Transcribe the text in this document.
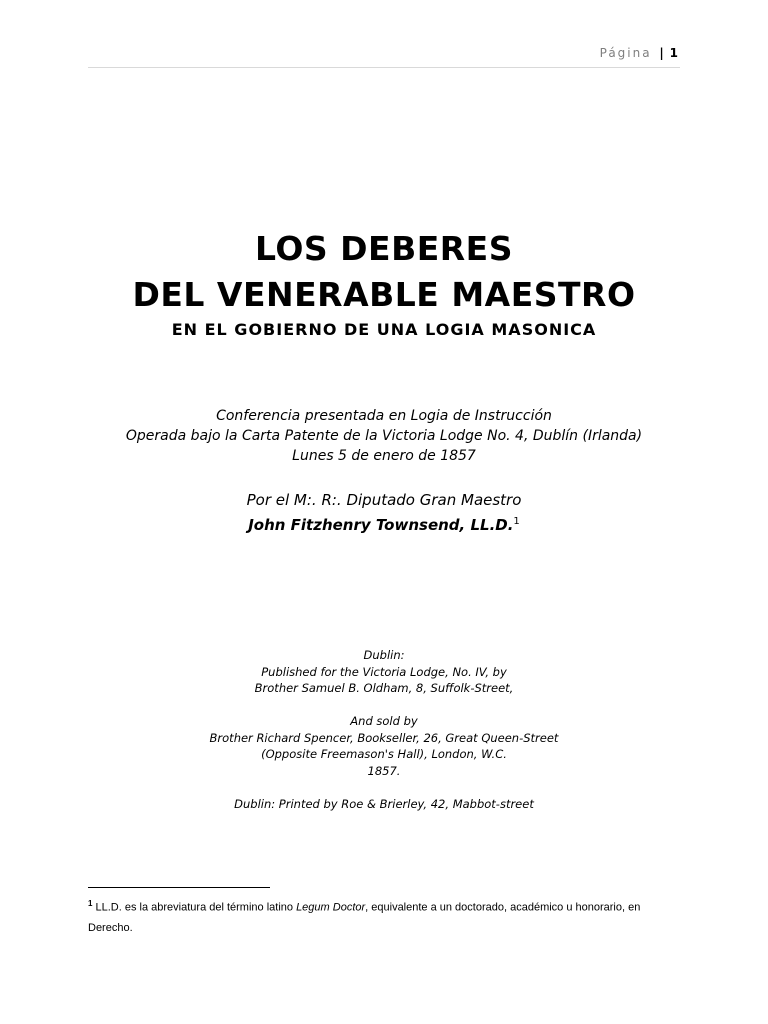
Página | 1
LOS DEBERES
DEL VENERABLE MAESTRO
EN EL GOBIERNO DE UNA LOGIA MASONICA
Conferencia presentada en Logia de Instrucción
Operada bajo la Carta Patente de la Victoria Lodge No. 4, Dublín (Irlanda)
Lunes 5 de enero de 1857
Por el M:. R:. Diputado Gran Maestro
John Fitzhenry Townsend, LL.D.$^1$

Dublin:

Published for the Victoria Lodge, No. IV, by

Brother Samuel B. Oldham, 8, Suffolk-Street,

And sold by

Brother Richard Spencer, Bookseller, 26, Great Queen-Street

(Opposite Freemason's Hall), London, W.C.

1857.

Dublin: Printed by Roe & Brierley, 42, Mabbot-street

$^1$ LL.D. es la abreviatura del término latino Legum Doctor, equivalente a un doctorado, académico u honorario, en Derecho.
